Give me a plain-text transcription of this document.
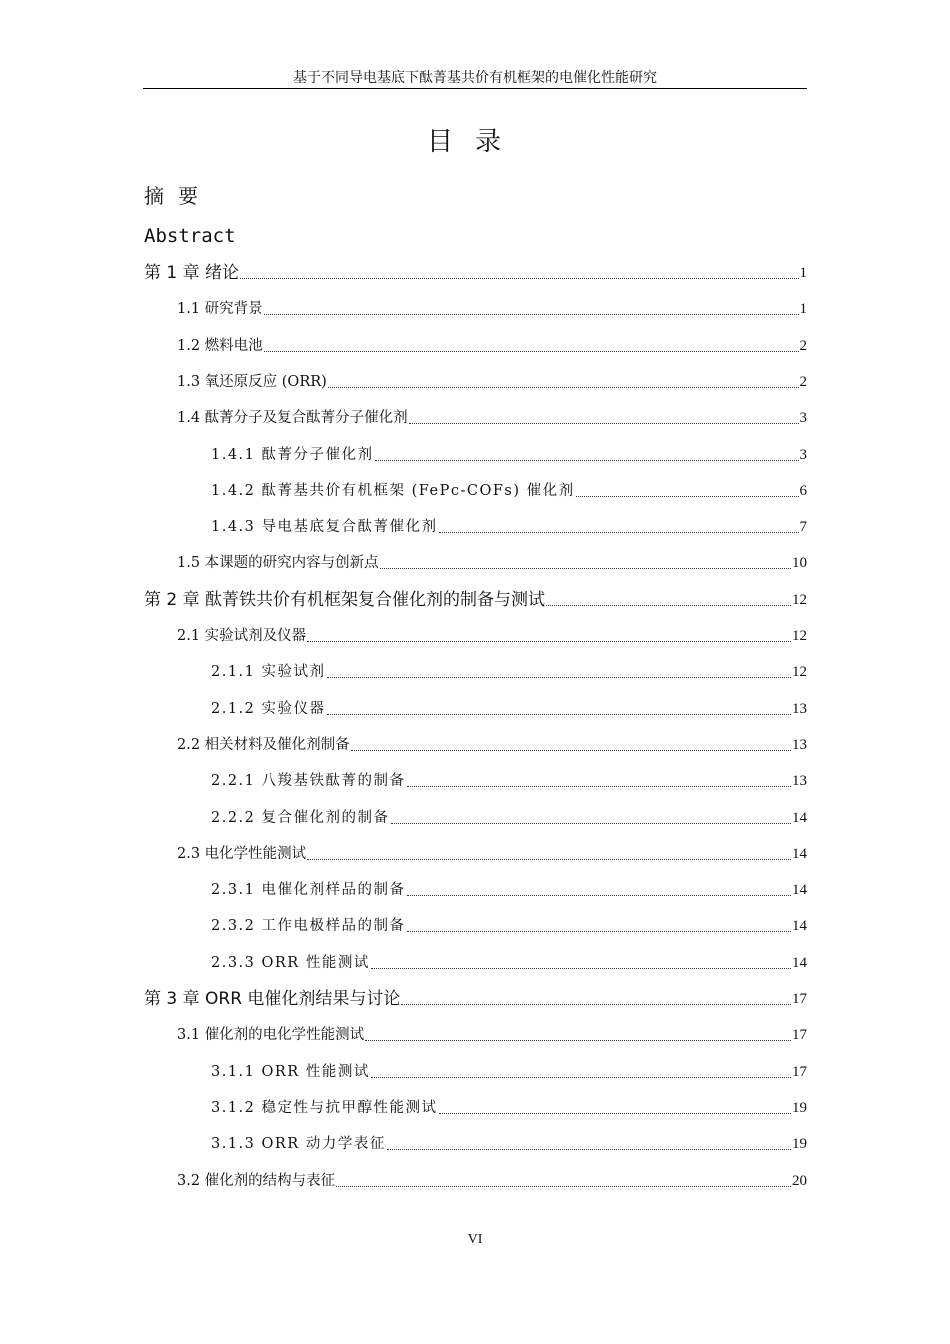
基于不同导电基底下酞菁基共价有机框架的电催化性能研究
目录
摘要
Abstract
第 1 章 绪论	1
1.1 研究背景	1
1.2 燃料电池	2
1.3 氧还原反应 (ORR)	2
1.4 酞菁分子及复合酞菁分子催化剂	3
1.4.1 酞菁分子催化剂	3
1.4.2 酞菁基共价有机框架 (FePc-COFs) 催化剂	6
1.4.3 导电基底复合酞菁催化剂	7
1.5 本课题的研究内容与创新点	10
第 2 章 酞菁铁共价有机框架复合催化剂的制备与测试	12
2.1 实验试剂及仪器	12
2.1.1 实验试剂	12
2.1.2 实验仪器	13
2.2 相关材料及催化剂制备	13
2.2.1 八羧基铁酞菁的制备	13
2.2.2 复合催化剂的制备	14
2.3 电化学性能测试	14
2.3.1 电催化剂样品的制备	14
2.3.2 工作电极样品的制备	14
2.3.3 ORR 性能测试	14
第 3 章 ORR 电催化剂结果与讨论	17
3.1 催化剂的电化学性能测试	17
3.1.1 ORR 性能测试	17
3.1.2 稳定性与抗甲醇性能测试	19
3.1.3 ORR 动力学表征	19
3.2 催化剂的结构与表征	20
VI
